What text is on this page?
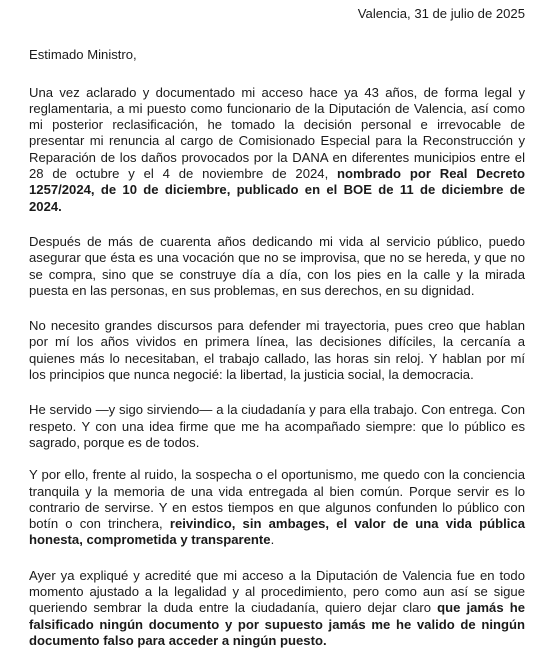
Valencia, 31 de julio de 2025

Estimado Ministro,

Una vez aclarado y documentado mi acceso hace ya 43 años, de forma legal y reglamentaria, a mi puesto como funcionario de la Diputación de Valencia, así como mi posterior reclasificación, he tomado la decisión personal e irrevocable de presentar mi renuncia al cargo de Comisionado Especial para la Reconstrucción y Reparación de los daños provocados por la DANA en diferentes municipios entre el 28 de octubre y el 4 de noviembre de 2024, nombrado por Real Decreto 1257/2024, de 10 de diciembre, publicado en el BOE de 11 de diciembre de 2024.

Después de más de cuarenta años dedicando mi vida al servicio público, puedo asegurar que ésta es una vocación que no se improvisa, que no se hereda, y que no se compra, sino que se construye día a día, con los pies en la calle y la mirada puesta en las personas, en sus problemas, en sus derechos, en su dignidad.

No necesito grandes discursos para defender mi trayectoria, pues creo que hablan por mí los años vividos en primera línea, las decisiones difíciles, la cercanía a quienes más lo necesitaban, el trabajo callado, las horas sin reloj. Y hablan por mí los principios que nunca negocié: la libertad, la justicia social, la democracia.

He servido —y sigo sirviendo— a la ciudadanía y para ella trabajo. Con entrega. Con respeto. Y con una idea firme que me ha acompañado siempre: que lo público es sagrado, porque es de todos.

Y por ello, frente al ruido, la sospecha o el oportunismo, me quedo con la conciencia tranquila y la memoria de una vida entregada al bien común. Porque servir es lo contrario de servirse. Y en estos tiempos en que algunos confunden lo público con botín o con trinchera, reivindico, sin ambages, el valor de una vida pública honesta, comprometida y transparente.

Ayer ya expliqué y acredité que mi acceso a la Diputación de Valencia fue en todo momento ajustado a la legalidad y al procedimiento, pero como aun así se sigue queriendo sembrar la duda entre la ciudadanía, quiero dejar claro que jamás he falsificado ningún documento y por supuesto jamás me he valido de ningún documento falso para acceder a ningún puesto.
